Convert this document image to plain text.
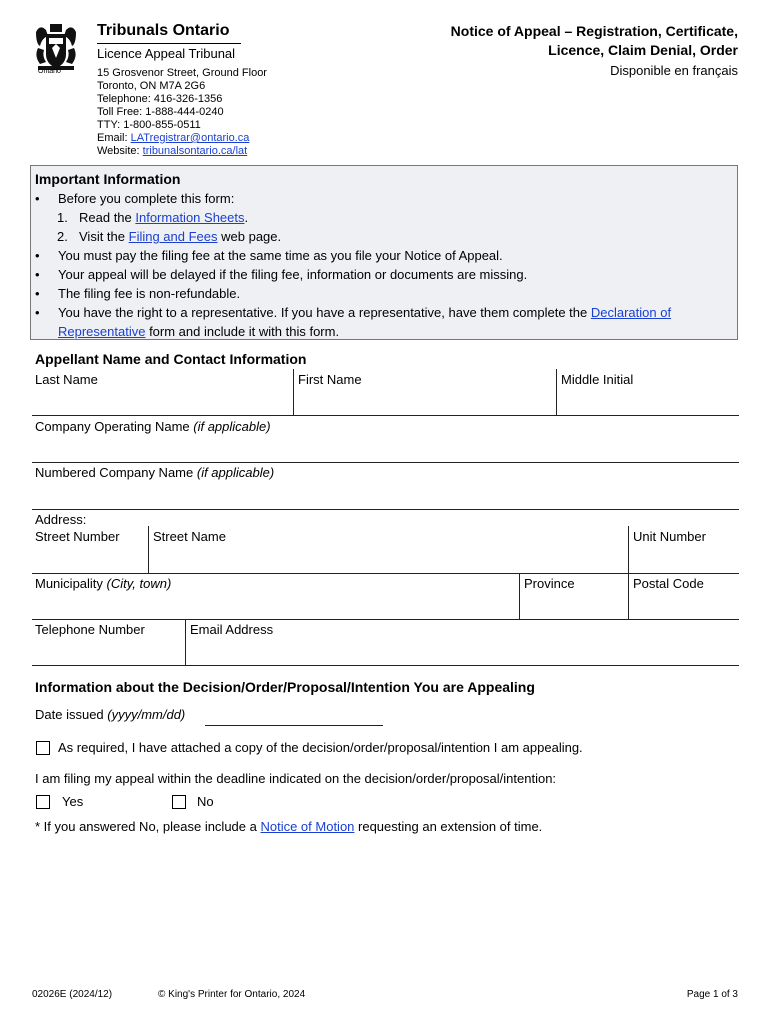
Ontario
Tribunals Ontario
Licence Appeal Tribunal
15 Grosvenor Street, Ground Floor
Toronto, ON M7A 2G6
Telephone: 416-326-1356
Toll Free: 1-888-444-0240
TTY: 1-800-855-0511
Email: LATregistrar@ontario.ca
Website: tribunalsontario.ca/lat
Notice of Appeal – Registration, Certificate,
Licence, Claim Denial, Order
Disponible en français
Important Information
• Before you complete this form:
1. Read the Information Sheets.
2. Visit the Filing and Fees web page.
• You must pay the filing fee at the same time as you file your Notice of Appeal.
• Your appeal will be delayed if the filing fee, information or documents are missing.
• The filing fee is non-refundable.
• You have the right to a representative. If you have a representative, have them complete the Declaration of
Representative form and include it with this form.
Appellant Name and Contact Information
Last Name	First Name	Middle Initial
Company Operating Name (if applicable)
Numbered Company Name (if applicable)
Address:
Street Number	Street Name	Unit Number
Municipality (City, town)	Province	Postal Code
Telephone Number	Email Address
Information about the Decision/Order/Proposal/Intention You are Appealing
Date issued (yyyy/mm/dd)
As required, I have attached a copy of the decision/order/proposal/intention I am appealing.
I am filing my appeal within the deadline indicated on the decision/order/proposal/intention:
Yes	No
* If you answered No, please include a Notice of Motion requesting an extension of time.
02026E (2024/12)	© King's Printer for Ontario, 2024	Page 1 of 3
